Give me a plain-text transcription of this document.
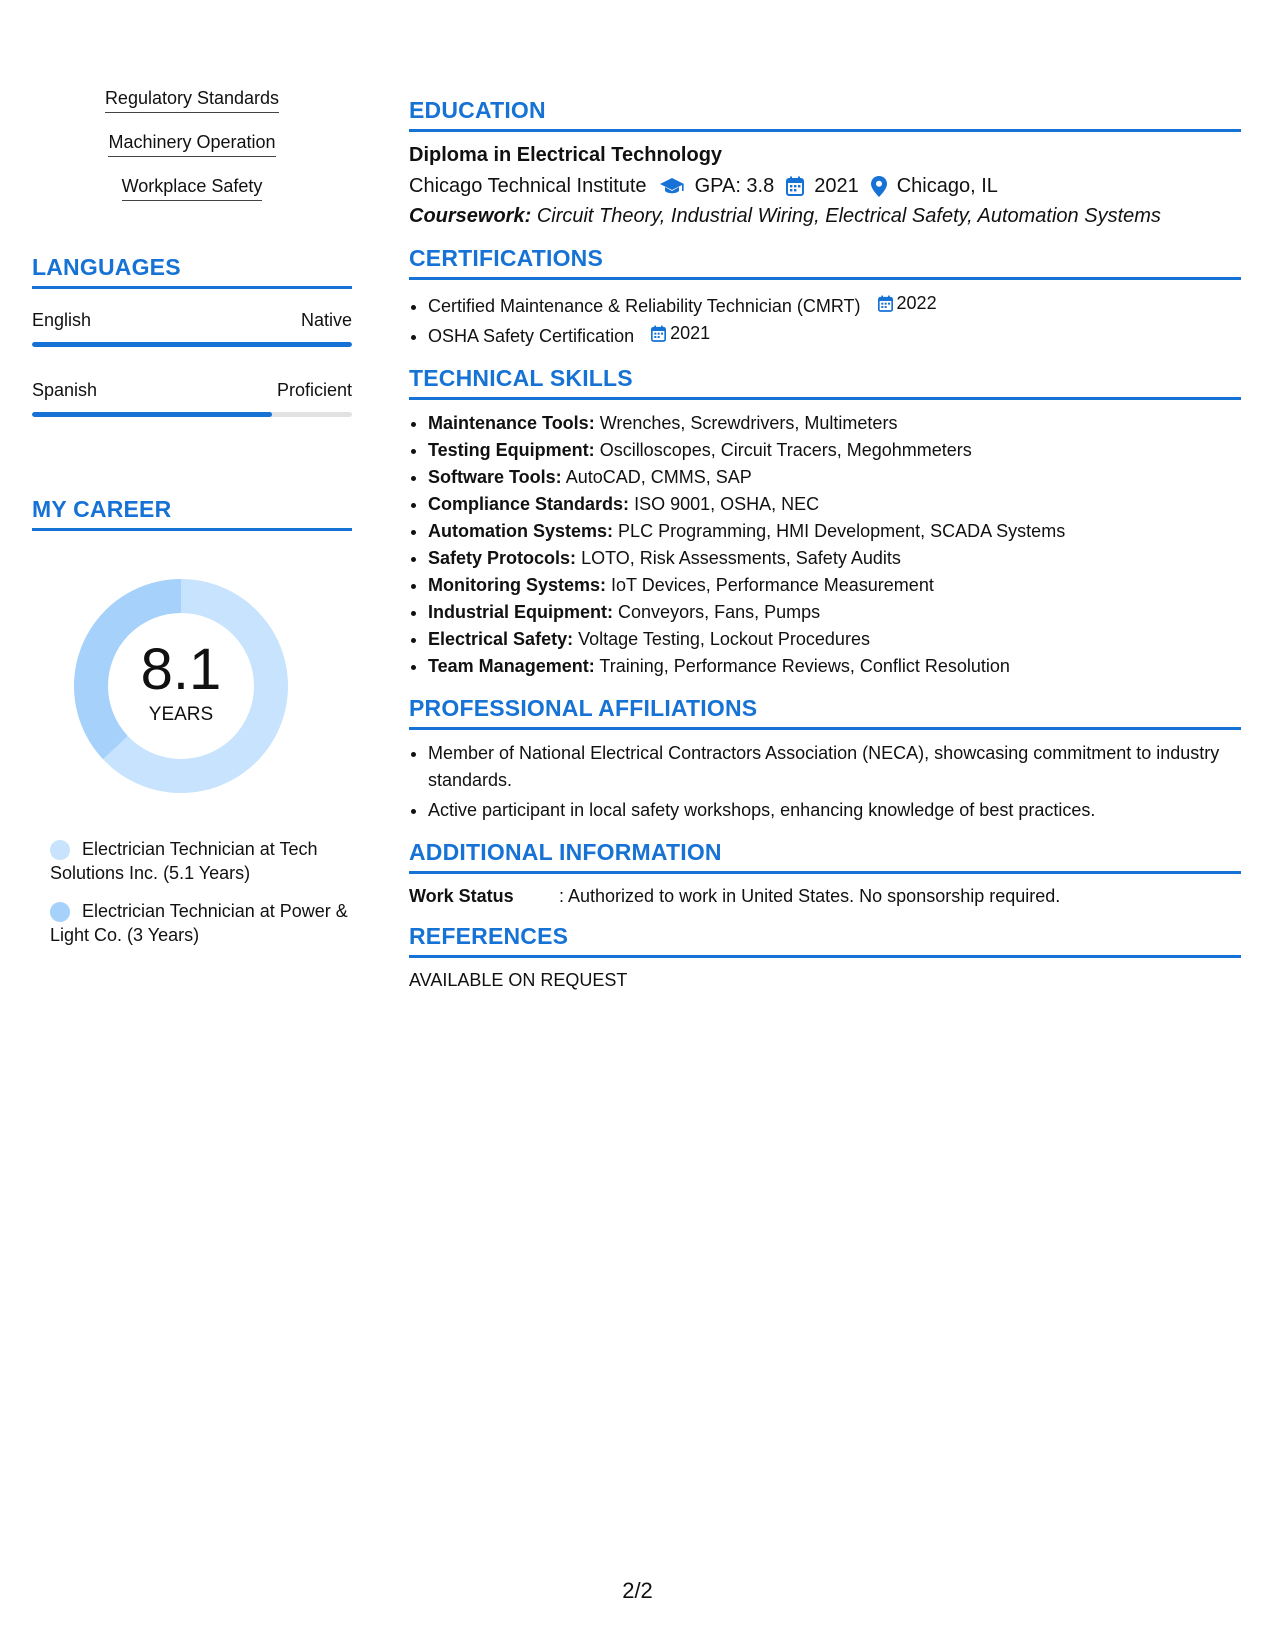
Regulatory Standards
Machinery Operation
Workplace Safety
LANGUAGES
English	Native
Spanish	Proficient
MY CAREER
8.1
YEARS
Electrician Technician at Tech Solutions Inc. (5.1 Years)
Electrician Technician at Power & Light Co. (3 Years)
EDUCATION
Diploma in Electrical Technology
Chicago Technical Institute GPA: 3.8 2021 Chicago, IL
Coursework: Circuit Theory, Industrial Wiring, Electrical Safety, Automation Systems
CERTIFICATIONS
• Certified Maintenance & Reliability Technician (CMRT) 2022
• OSHA Safety Certification 2021
TECHNICAL SKILLS
• Maintenance Tools: Wrenches, Screwdrivers, Multimeters
• Testing Equipment: Oscilloscopes, Circuit Tracers, Megohmmeters
• Software Tools: AutoCAD, CMMS, SAP
• Compliance Standards: ISO 9001, OSHA, NEC
• Automation Systems: PLC Programming, HMI Development, SCADA Systems
• Safety Protocols: LOTO, Risk Assessments, Safety Audits
• Monitoring Systems: IoT Devices, Performance Measurement
• Industrial Equipment: Conveyors, Fans, Pumps
• Electrical Safety: Voltage Testing, Lockout Procedures
• Team Management: Training, Performance Reviews, Conflict Resolution
PROFESSIONAL AFFILIATIONS
• Member of National Electrical Contractors Association (NECA), showcasing commitment to industry standards.
• Active participant in local safety workshops, enhancing knowledge of best practices.
ADDITIONAL INFORMATION
Work Status	: Authorized to work in United States. No sponsorship required.
REFERENCES
AVAILABLE ON REQUEST
2/2
